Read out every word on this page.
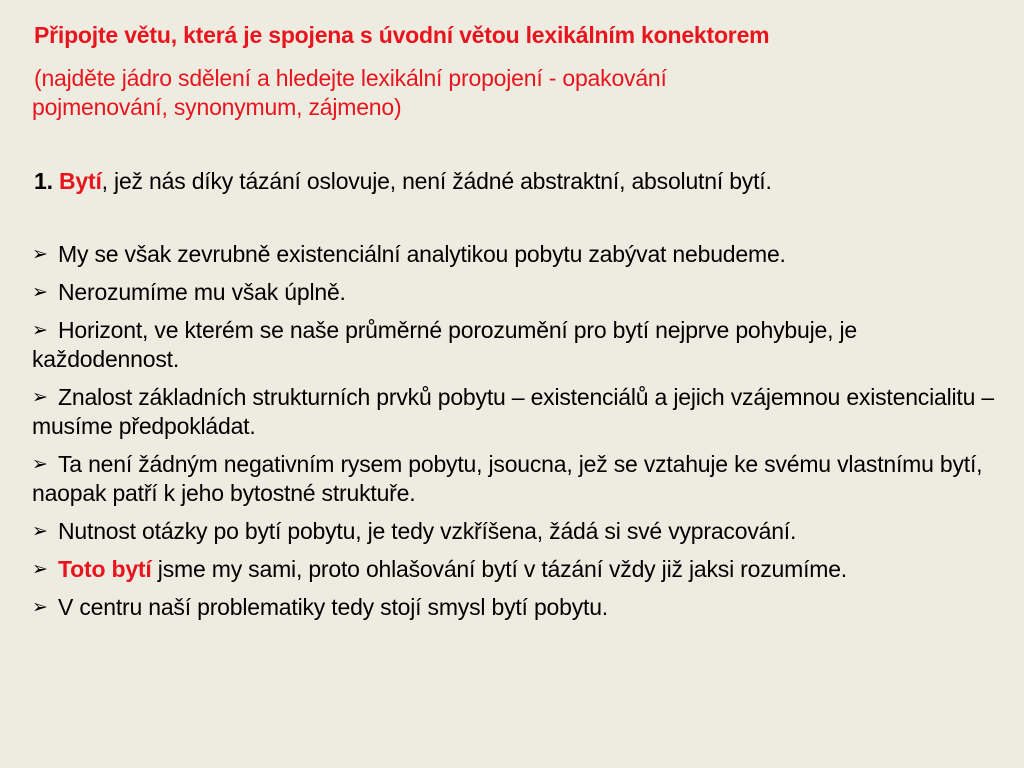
Připojte větu, která je spojena s úvodní větou lexikálním konektorem
(najděte jádro sdělení a hledejte lexikální propojení - opakování
pojmenování, synonymum, zájmeno)
1. Bytí, jež nás díky tázání oslovuje, není žádné abstraktní, absolutní bytí.
➢ My se však zevrubně existenciální analytikou pobytu zabývat nebudeme.
➢ Nerozumíme mu však úplně.
➢ Horizont, ve kterém se naše průměrné porozumění pro bytí nejprve pohybuje, je každodennost.
➢ Znalost základních strukturních prvků pobytu – existenciálů a jejich vzájemnou existencialitu – musíme předpokládat.
➢ Ta není žádným negativním rysem pobytu, jsoucna, jež se vztahuje ke svému vlastnímu bytí, naopak patří k jeho bytostné struktuře.
➢ Nutnost otázky po bytí pobytu, je tedy vzkříšena, žádá si své vypracování.
➢ Toto bytí jsme my sami, proto ohlašování bytí v tázání vždy již jaksi rozumíme.
➢ V centru naší problematiky tedy stojí smysl bytí pobytu.
